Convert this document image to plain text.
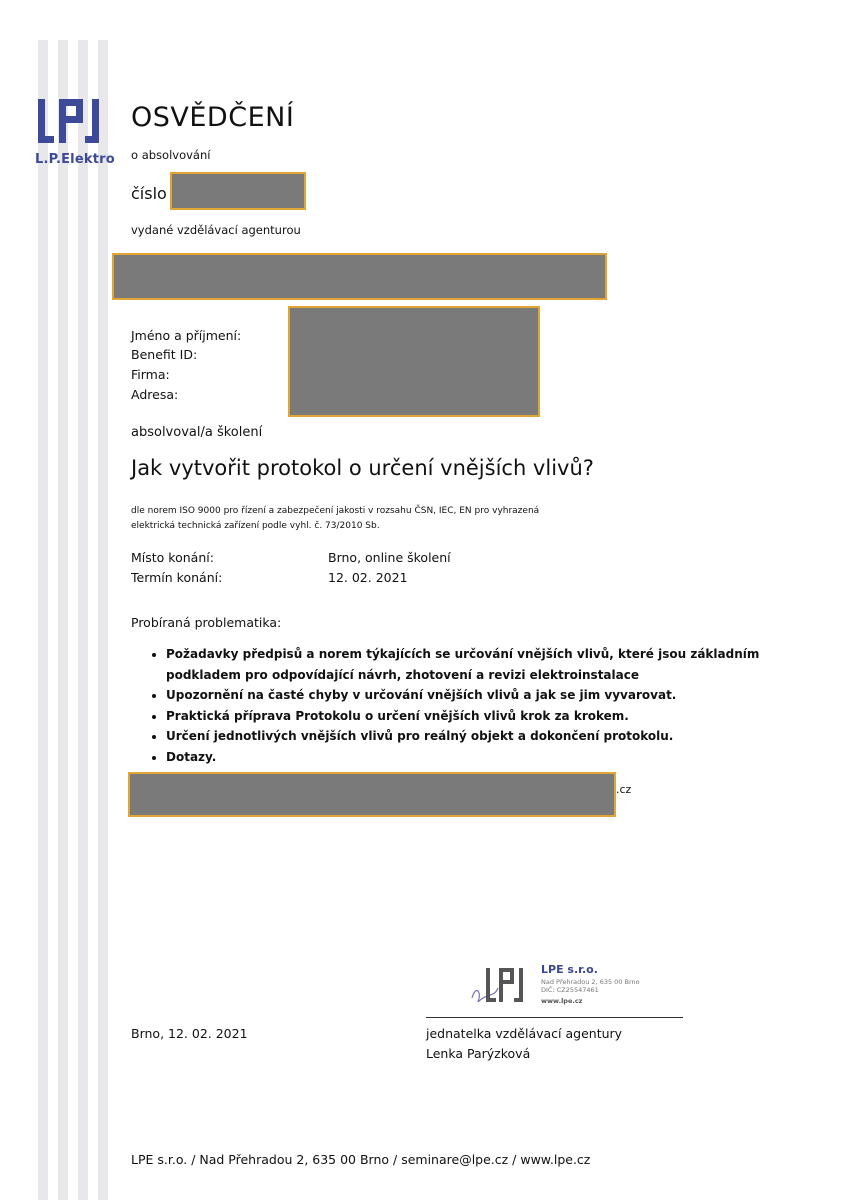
L.P.Elektro
OSVĚDČENÍ
o absolvování
číslo
vydané vzdělávací agenturou
Jméno a příjmení:
Benefit ID:
Firma:
Adresa:
absolvoval/a školení
Jak vytvořit protokol o určení vnějších vlivů?
dle norem ISO 9000 pro řízení a zabezpečení jakosti v rozsahu ČSN, IEC, EN pro vyhrazená
elektrická technická zařízení podle vyhl. č. 73/2010 Sb.
Místo konání:	Brno, online školení
Termín konání:	12. 02. 2021
Probíraná problematika:
• Požadavky předpisů a norem týkajících se určování vnějších vlivů, které jsou základním podkladem pro odpovídající návrh, zhotovení a revizi elektroinstalace
• Upozornění na časté chyby v určování vnějších vlivů a jak se jim vyvarovat.
• Praktická příprava Protokolu o určení vnějších vlivů krok za krokem.
• Určení jednotlivých vnějších vlivů pro reálný objekt a dokončení protokolu.
• Dotazy.
.cz
LPE s.r.o.
Nad Přehradou 2, 635 00 Brno
DIČ: CZ25547461
www.lpe.cz
Brno, 12. 02. 2021	jednatelka vzdělávací agentury
Lenka Parýzková
LPE s.r.o. / Nad Přehradou 2, 635 00 Brno / seminare@lpe.cz / www.lpe.cz
